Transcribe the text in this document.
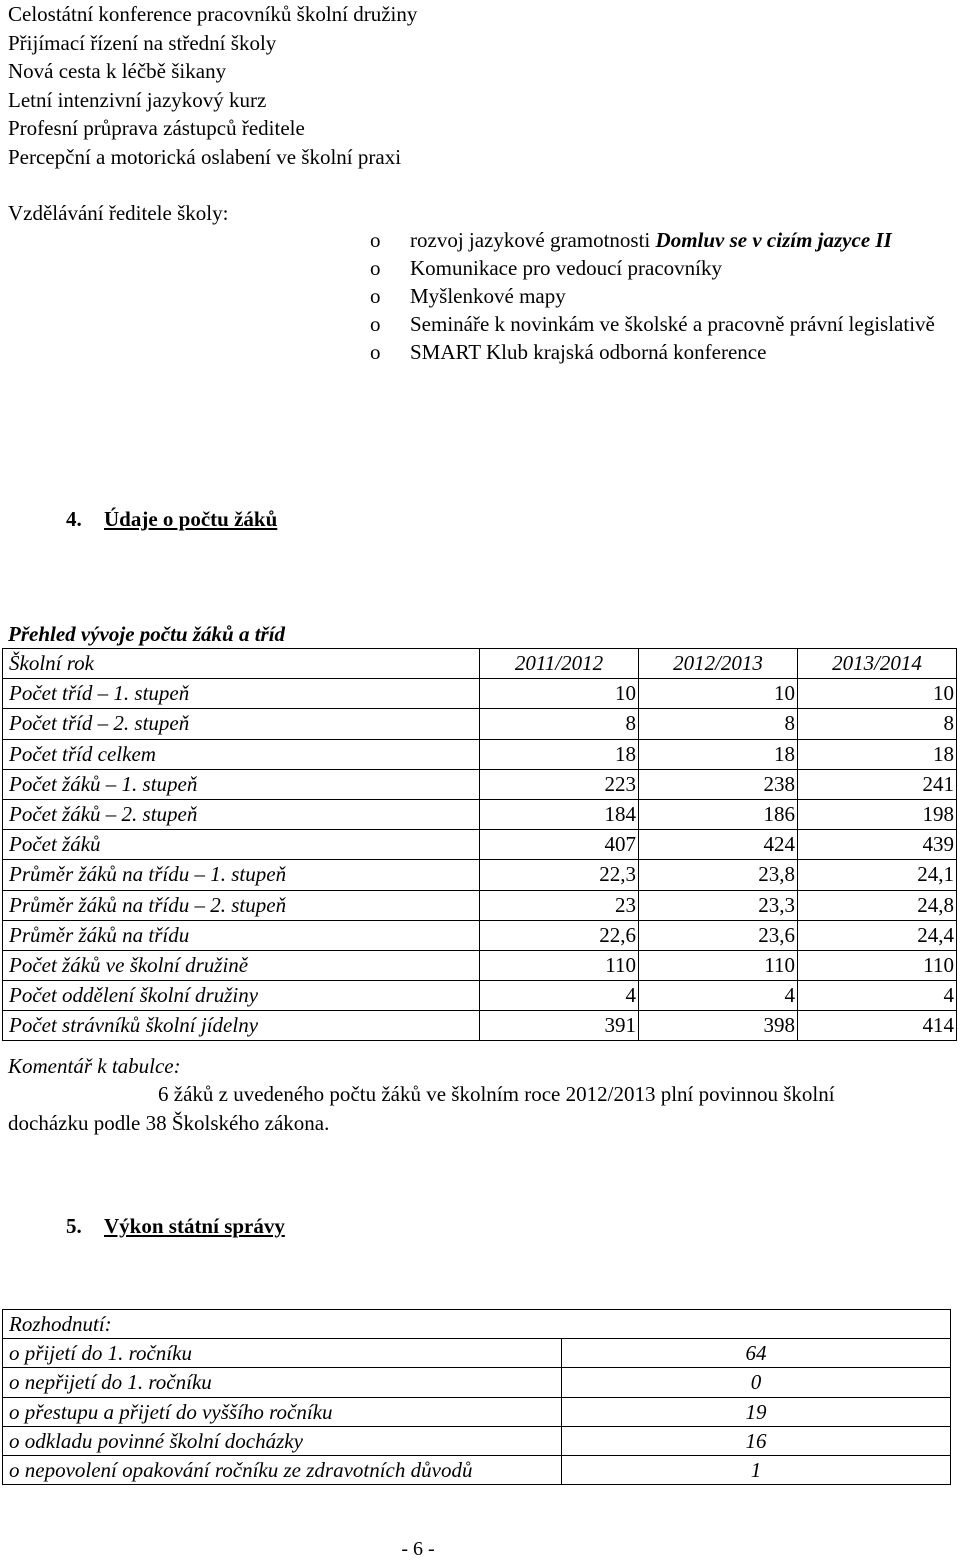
Celostátní konference pracovníků školní družiny
Přijímací řízení na střední školy
Nová cesta k léčbě šikany
Letní intenzivní jazykový kurz
Profesní průprava zástupců ředitele
Percepční a motorická oslabení ve školní praxi
Vzdělávání ředitele školy:
o rozvoj jazykové gramotnosti Domluv se v cizím jazyce II
o Komunikace pro vedoucí pracovníky
o Myšlenkové mapy
o Semináře k novinkám ve školské a pracovně právní legislativě
o SMART Klub krajská odborná konference
4. Údaje o počtu žáků
Přehled vývoje počtu žáků a tříd
Školní rok	2011/2012	2012/2013	2013/2014
Počet tříd – 1. stupeň	10	10	10
Počet tříd – 2. stupeň	8	8	8
Počet tříd celkem	18	18	18
Počet žáků – 1. stupeň	223	238	241
Počet žáků – 2. stupeň	184	186	198
Počet žáků	407	424	439
Průměr žáků na třídu – 1. stupeň	22,3	23,8	24,1
Průměr žáků na třídu – 2. stupeň	23	23,3	24,8
Průměr žáků na třídu	22,6	23,6	24,4
Počet žáků ve školní družině	110	110	110
Počet oddělení školní družiny	4	4	4
Počet strávníků školní jídelny	391	398	414
Komentář k tabulce:
6 žáků z uvedeného počtu žáků ve školním roce 2012/2013 plní povinnou školní
docházku podle 38 Školského zákona.
5. Výkon státní správy
Rozhodnutí:	
o přijetí do 1. ročníku	64
o nepřijetí do 1. ročníku	0
o přestupu a přijetí do vyššího ročníku	19
o odkladu povinné školní docházky	16
o nepovolení opakování ročníku ze zdravotních důvodů	1
- 6 -
